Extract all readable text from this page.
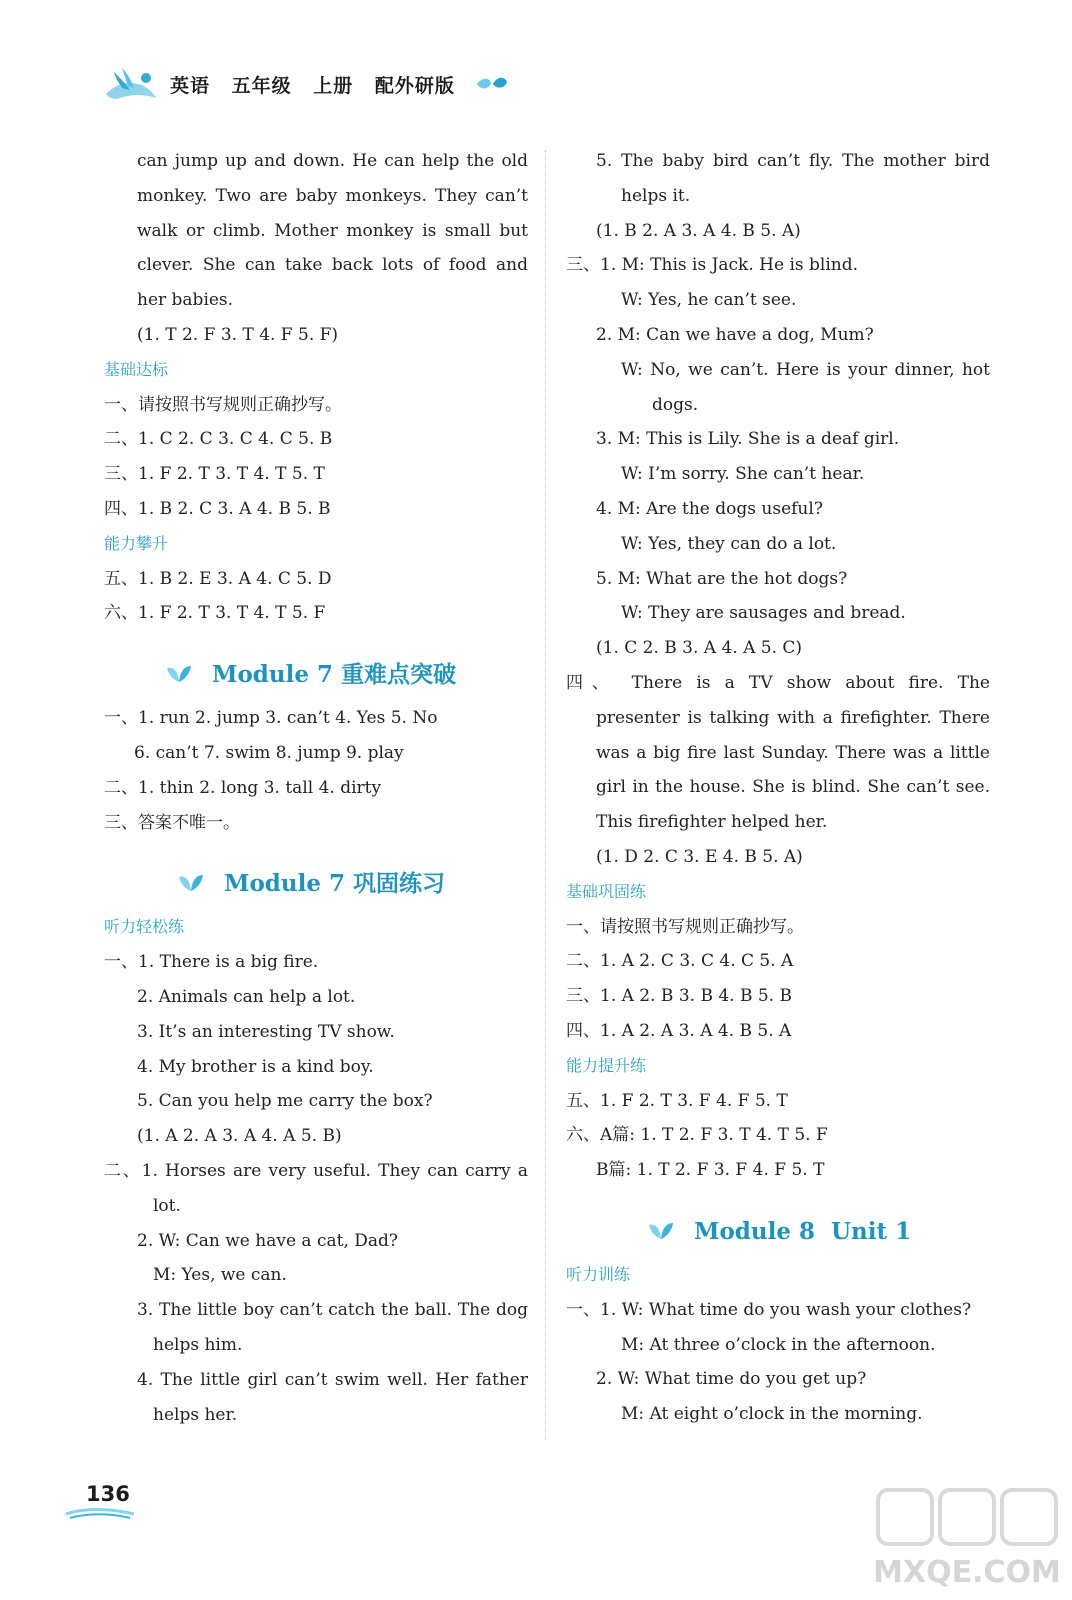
英语 五年级 上册 配外研版
can jump up and down. He can help the old
monkey. Two are baby monkeys. They can’t
walk or climb. Mother monkey is small but
clever. She can take back lots of food and
her babies.
(1. T 2. F 3. T 4. F 5. F)
基础达标
一、请按照书写规则正确抄写。
二、1. C 2. C 3. C 4. C 5. B
三、1. F 2. T 3. T 4. T 5. T
四、1. B 2. C 3. A 4. B 5. B
能力攀升
五、1. B 2. E 3. A 4. C 5. D
六、1. F 2. T 3. T 4. T 5. F
Module 7 重难点突破
一、1. run 2. jump 3. can’t 4. Yes 5. No
6. can’t 7. swim 8. jump 9. play
二、1. thin 2. long 3. tall 4. dirty
三、答案不唯一。
Module 7 巩固练习
听力轻松练
一、1. There is a big fire.
2. Animals can help a lot.
3. It’s an interesting TV show.
4. My brother is a kind boy.
5. Can you help me carry the box?
(1. A 2. A 3. A 4. A 5. B)
二、1. Horses are very useful. They can carry a
lot.
2. W: Can we have a cat, Dad?
M: Yes, we can.
3. The little boy can’t catch the ball. The dog
helps him.
4. The little girl can’t swim well. Her father
helps her.
5. The baby bird can’t fly. The mother bird
helps it.
(1. B 2. A 3. A 4. B 5. A)
三、1. M: This is Jack. He is blind.
W: Yes, he can’t see.
2. M: Can we have a dog, Mum?
W: No, we can’t. Here is your dinner, hot
dogs.
3. M: This is Lily. She is a deaf girl.
W: I’m sorry. She can’t hear.
4. M: Are the dogs useful?
W: Yes, they can do a lot.
5. M: What are the hot dogs?
W: They are sausages and bread.
(1. C 2. B 3. A 4. A 5. C)
四、 There is a TV show about fire. The
presenter is talking with a firefighter. There
was a big fire last Sunday. There was a little
girl in the house. She is blind. She can’t see.
This firefighter helped her.
(1. D 2. C 3. E 4. B 5. A)
基础巩固练
一、请按照书写规则正确抄写。
二、1. A 2. C 3. C 4. C 5. A
三、1. A 2. B 3. B 4. B 5. B
四、1. A 2. A 3. A 4. B 5. A
能力提升练
五、1. F 2. T 3. F 4. F 5. T
六、A篇: 1. T 2. F 3. T 4. T 5. F
B篇: 1. T 2. F 3. F 4. F 5. T
Module 8  Unit 1
听力训练
一、1. W: What time do you wash your clothes?
M: At three o’clock in the afternoon.
2. W: What time do you get up?
M: At eight o’clock in the morning.
136
MXQE.COM
